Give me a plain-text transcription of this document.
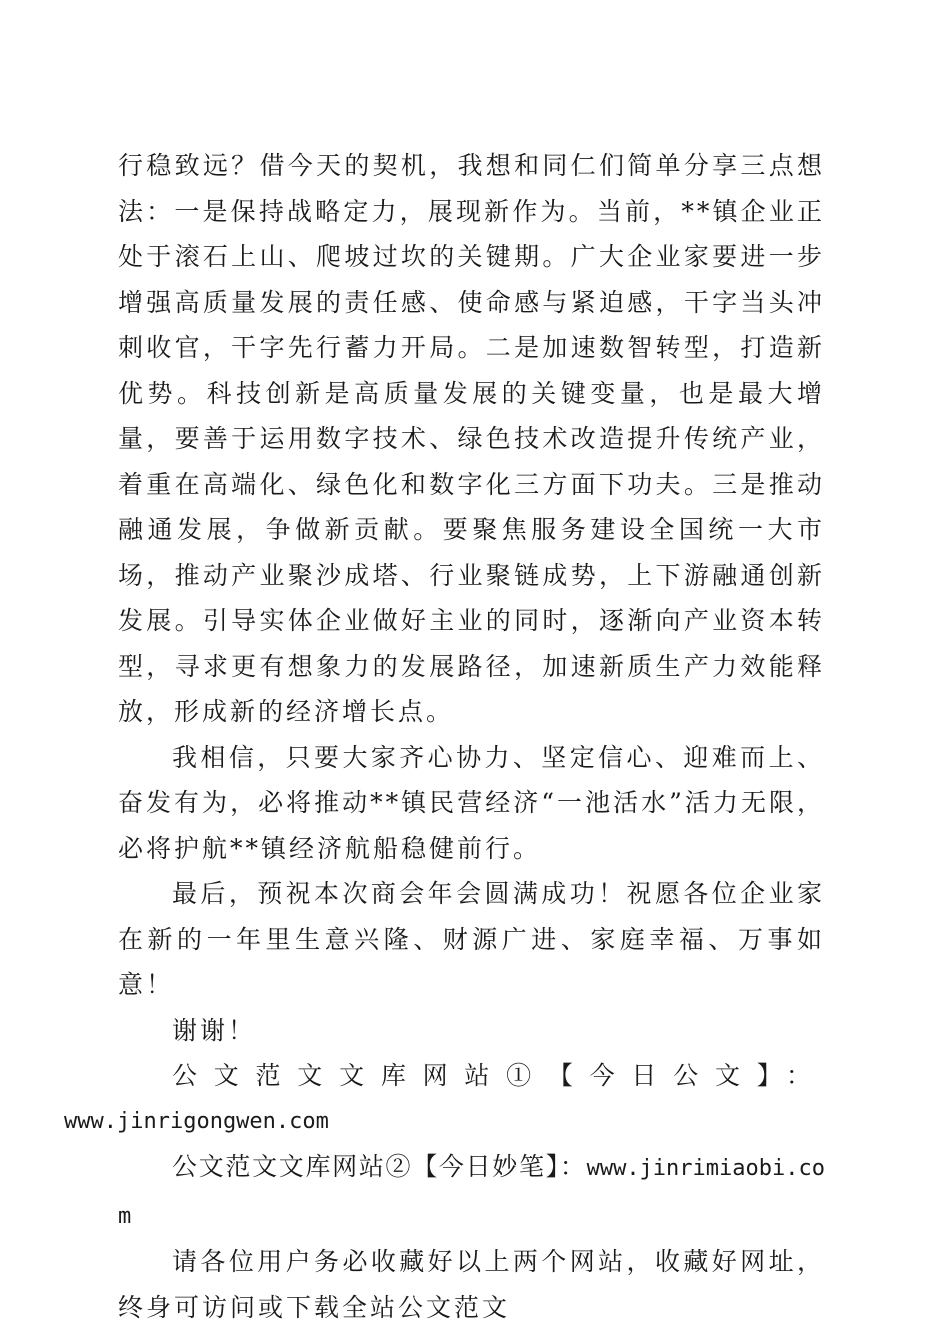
行稳致远？借今天的契机，我想和同仁们简单分享三点想法：一是保持战略定力，展现新作为。当前，**镇企业正处于滚石上山、爬坡过坎的关键期。广大企业家要进一步增强高质量发展的责任感、使命感与紧迫感，干字当头冲刺收官，干字先行蓄力开局。二是加速数智转型，打造新优势。科技创新是高质量发展的关键变量，也是最大增量，要善于运用数字技术、绿色技术改造提升传统产业，着重在高端化、绿色化和数字化三方面下功夫。三是推动融通发展，争做新贡献。要聚焦服务建设全国统一大市场，推动产业聚沙成塔、行业聚链成势，上下游融通创新发展。引导实体企业做好主业的同时，逐渐向产业资本转型，寻求更有想象力的发展路径，加速新质生产力效能释放，形成新的经济增长点。

我相信，只要大家齐心协力、坚定信心、迎难而上、奋发有为，必将推动**镇民营经济“一池活水”活力无限，必将护航**镇经济航船稳健前行。

最后，预祝本次商会年会圆满成功！祝愿各位企业家在新的一年里生意兴隆、财源广进、家庭幸福、万事如意！

谢谢！

公文范文文库网站①【今日公文】：
www.jinrigongwen.com

公文范文文库网站②【今日妙笔】：www.jinrimiaobi.com

请各位用户务必收藏好以上两个网站，收藏好网址，终身可访问或下载全站公文范文
